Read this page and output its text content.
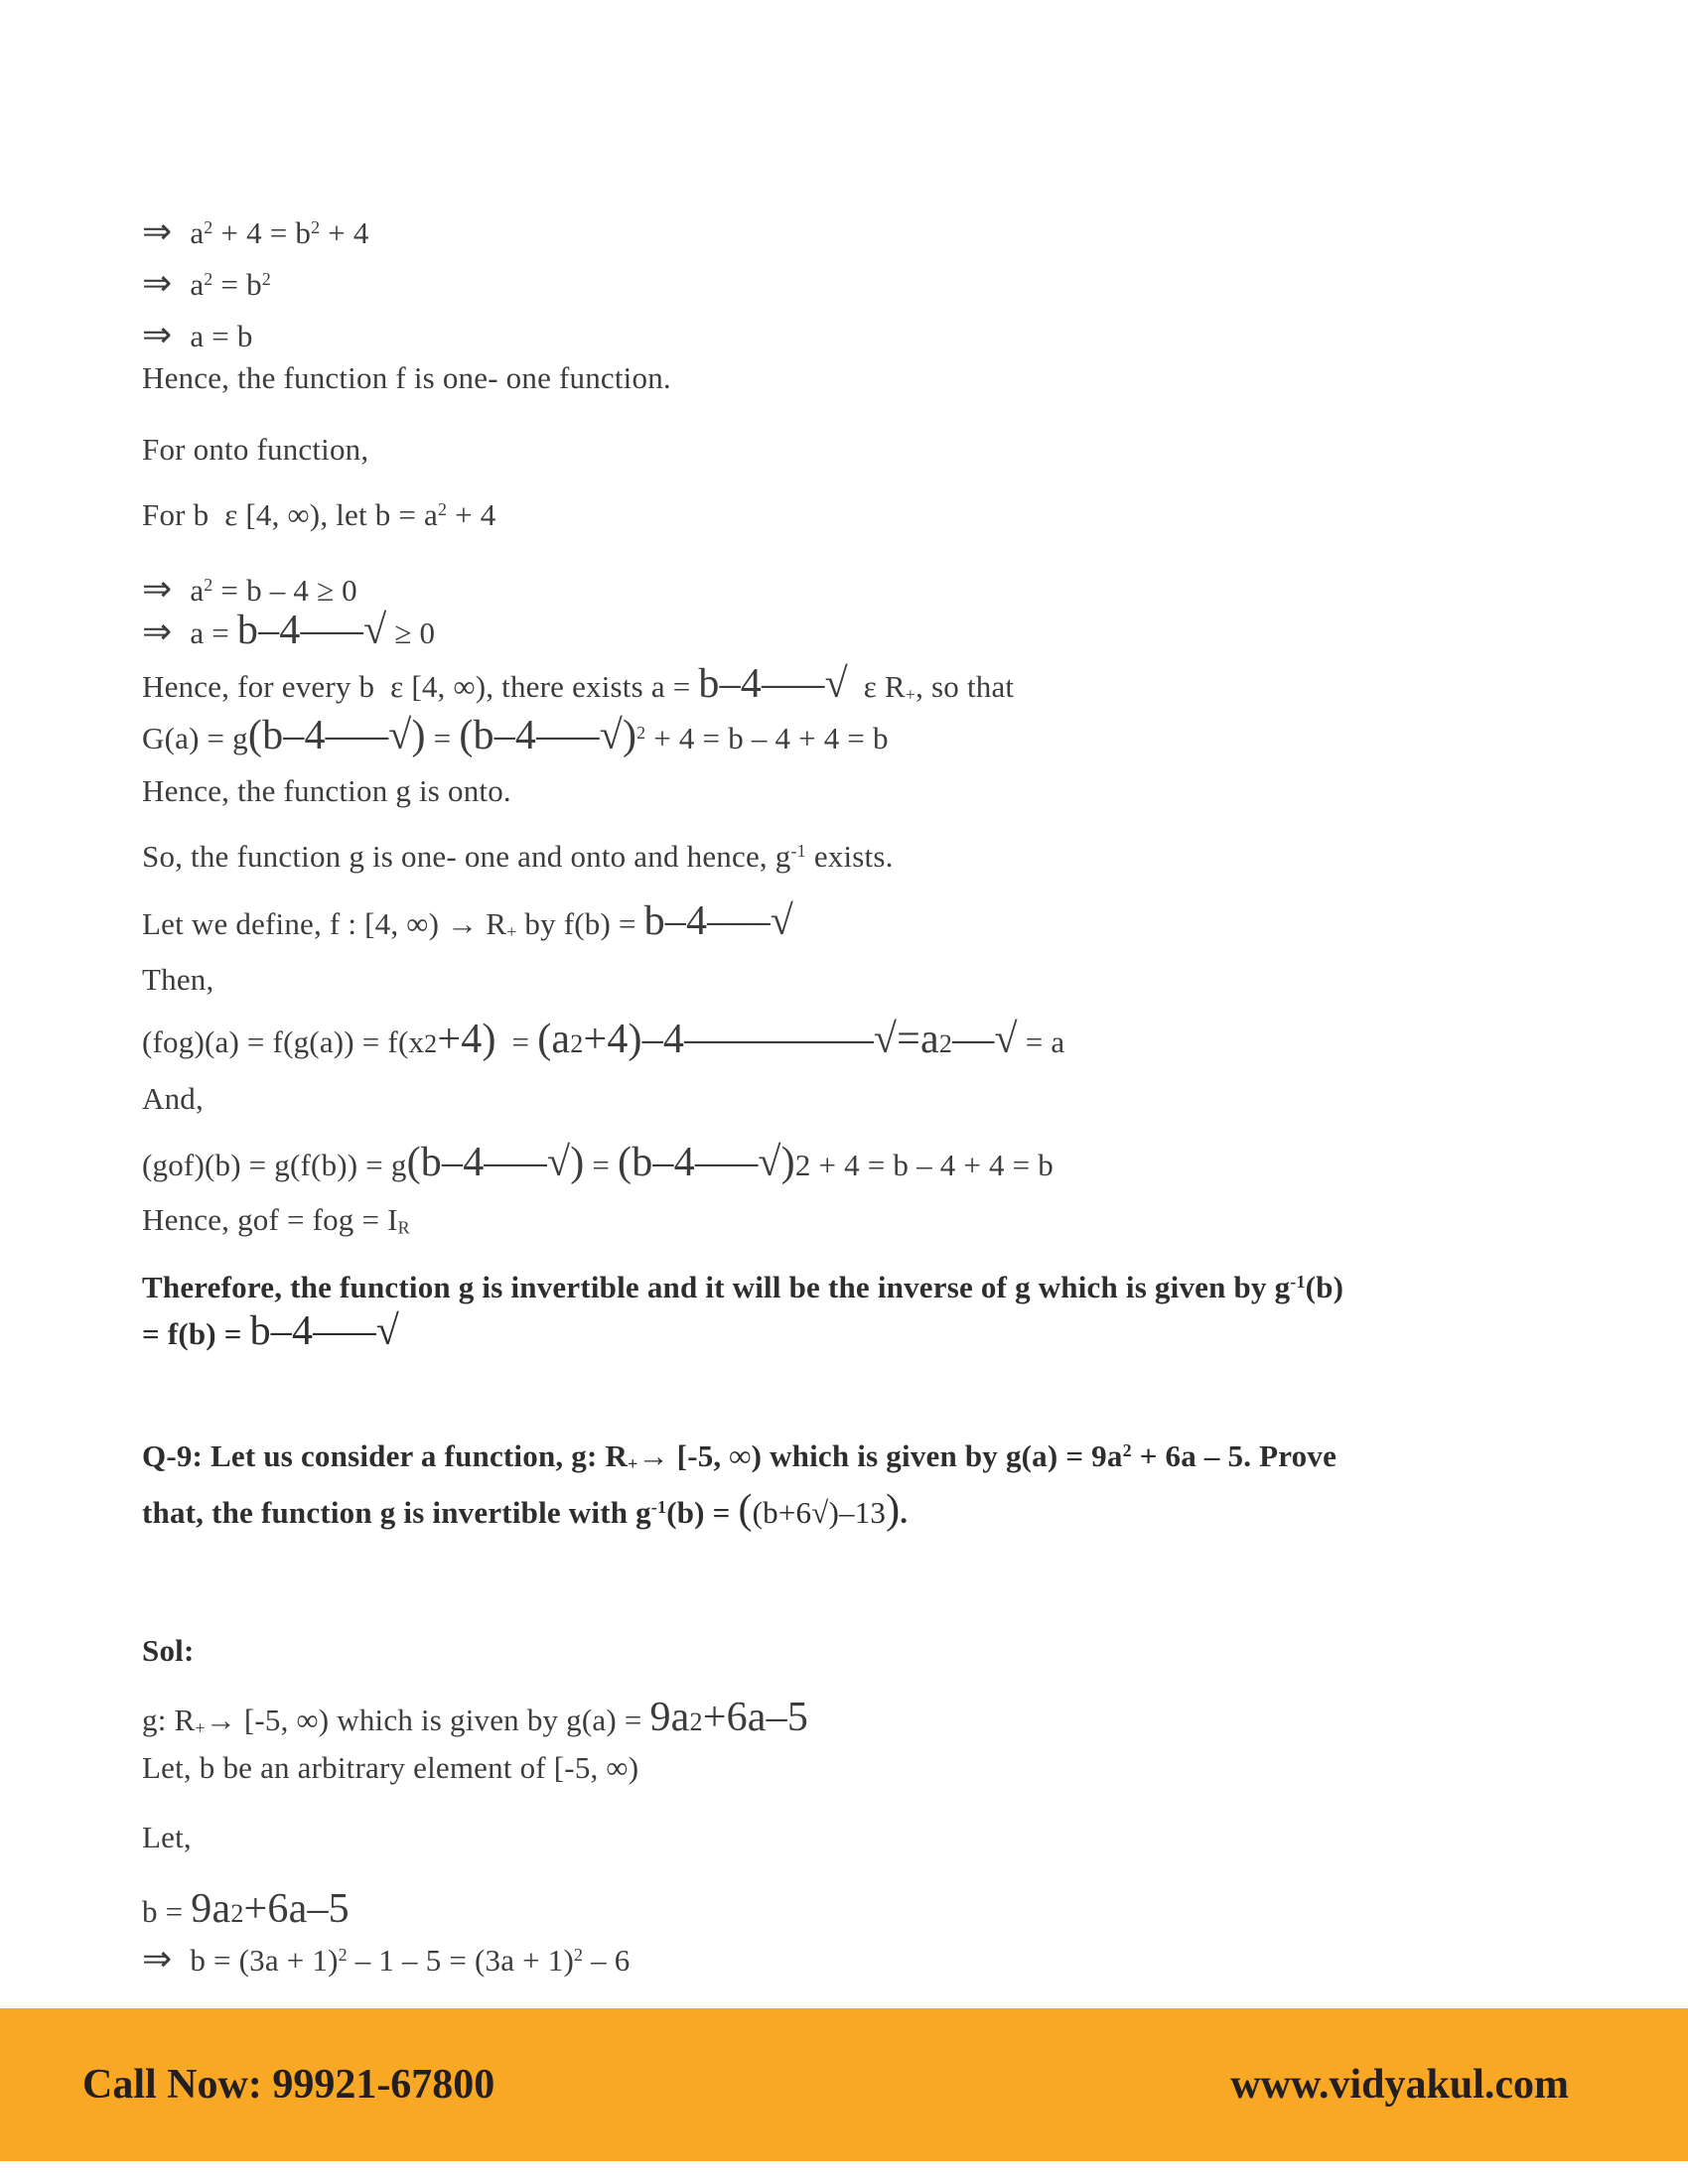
⇒ $a^2 + 4 = b^2 + 4$
⇒ $a^2 = b^2$
⇒ a = b
Hence, the function f is one- one function.
For onto function,
For b  ε [4, ∞), let $b = a^2 + 4$
⇒ $a^2 = b - 4 \ge 0$
⇒ a = b–4–––√ ≥ 0
Hence, for every b  ε [4, ∞), there exists a = b–4–––√  ε $R_+$, so that
$G(a) = g(b-4---√) = (b-4---√)^2 + 4 = b - 4 + 4 = b$
Hence, the function g is onto.
So, the function g is one- one and onto and hence, $g^{-1}$ exists.
Let we define, f : [4, ∞) → $R_+$ by f(b) = b–4–––√
Then,
(fog)(a) = f(g(a)) = f(x2+4)  = (a2+4)–4–––––––––√=a2––√ = a
And,
(gof)(b) = g(f(b)) = g(b–4–––√) = (b–4–––√)2 + 4 = b – 4 + 4 = b
Hence, gof = fog = $I_R$
Therefore, the function g is invertible and it will be the inverse of g which is given by $g^{-1}(b)$
= f(b) = b–4–––√
Q-9: Let us consider a function, g: $R_+\to [-5$, ∞) which is given by $g(a) = 9a^2 + 6a - 5$. Prove
that, the function g is invertible with $g^{-1}(b) = ((b+6√)-13)$.
Sol:
g: $R_+\to [-5$, ∞) which is given by g(a) = 9a2+6a–5
Let, b be an arbitrary element of [-5, ∞)
Let,
b = 9a2+6a–5
⇒ $b = (3a + 1)^2 - 1 - 5 = (3a + 1)^2 - 6$
Call Now: 99921-67800	www.vidyakul.com
